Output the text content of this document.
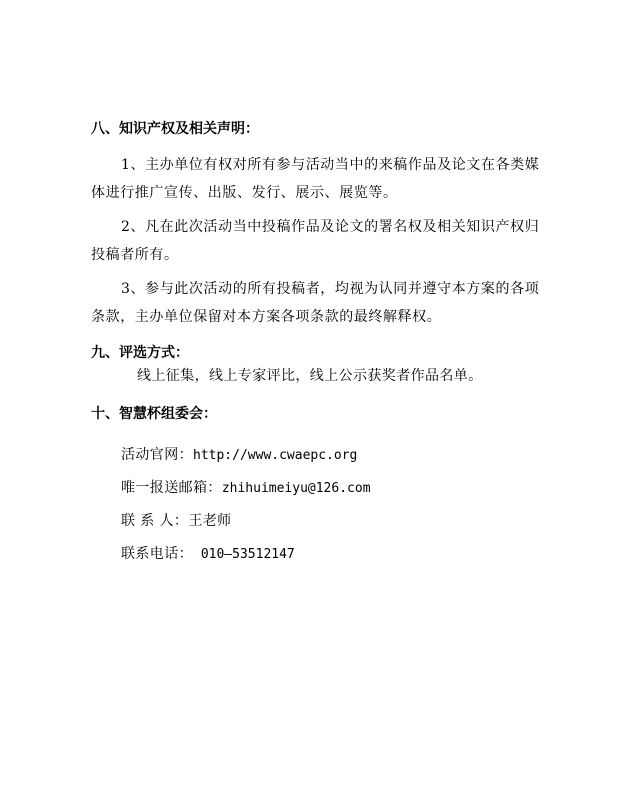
八、知识产权及相关声明：
1、主办单位有权对所有参与活动当中的来稿作品及论文在各类媒体进行推广宣传、出版、发行、展示、展览等。
2、凡在此次活动当中投稿作品及论文的署名权及相关知识产权归投稿者所有。
3、参与此次活动的所有投稿者，均视为认同并遵守本方案的各项条款，主办单位保留对本方案各项条款的最终解释权。
九、评选方式：
线上征集，线上专家评比，线上公示获奖者作品名单。
十、智慧杯组委会：
活动官网：http://www.cwaepc.org
唯一报送邮箱：zhihuimeiyu@126.com
联 系 人：王老师
联系电话： 010—53512147
